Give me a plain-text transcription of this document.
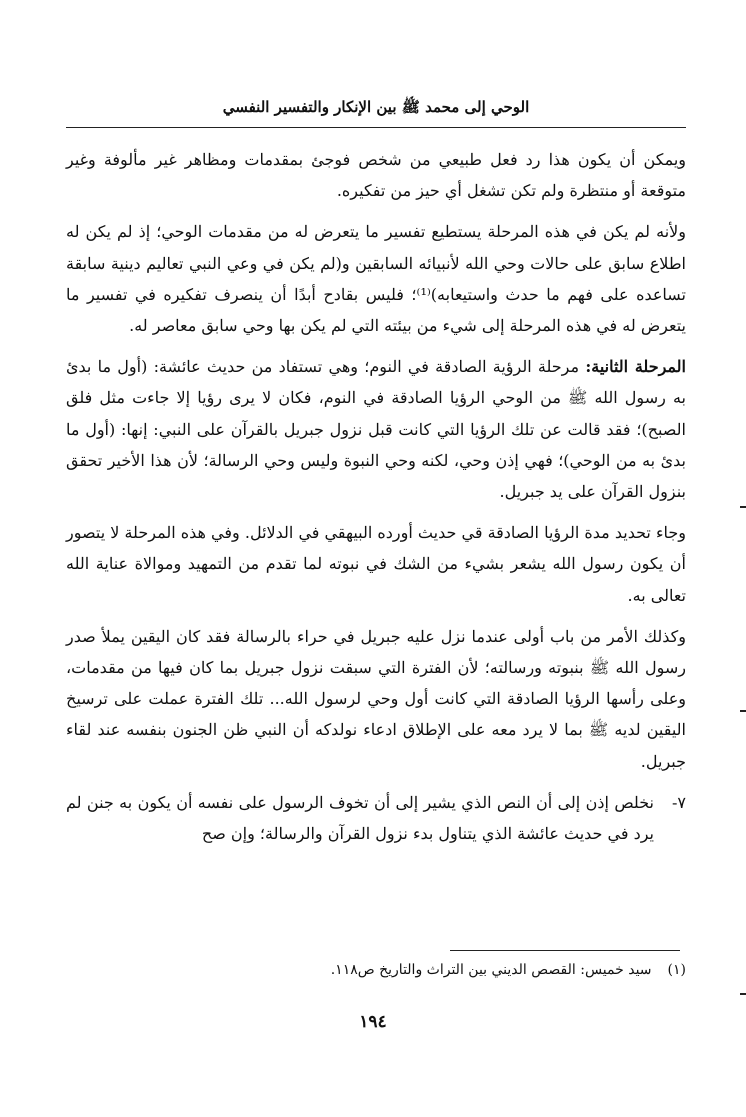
الوحي إلى محمد ﷺ بين الإنكار والتفسير النفسي

ويمكن أن يكون هذا رد فعل طبيعي من شخص فوجئ بمقدمات ومظاهر غير مألوفة وغير متوقعة أو منتظرة ولم تكن تشغل أي حيز من تفكيره.

ولأنه لم يكن في هذه المرحلة يستطيع تفسير ما يتعرض له من مقدمات الوحي؛ إذ لم يكن له اطلاع سابق على حالات وحي الله لأنبيائه السابقين و(لم يكن في وعي النبي تعاليم دينية سابقة تساعده على فهم ما حدث واستيعابه)⁽¹⁾؛ فليس بقادح أبدًا أن ينصرف تفكيره في تفسير ما يتعرض له في هذه المرحلة إلى شيء من بيئته التي لم يكن بها وحي سابق معاصر له.

المرحلة الثانية: مرحلة الرؤية الصادقة في النوم؛ وهي تستفاد من حديث عائشة: (أول ما بدئ به رسول الله ﷺ من الوحي الرؤيا الصادقة في النوم، فكان لا يرى رؤيا إلا جاءت مثل فلق الصبح)؛ فقد قالت عن تلك الرؤيا التي كانت قبل نزول جبريل بالقرآن على النبي: إنها: (أول ما بدئ به من الوحي)؛ فهي إذن وحي، لكنه وحي النبوة وليس وحي الرسالة؛ لأن هذا الأخير تحقق بنزول القرآن على يد جبريل.

وجاء تحديد مدة الرؤيا الصادقة قي حديث أورده البيهقي في الدلائل. وفي هذه المرحلة لا يتصور أن يكون رسول الله يشعر بشيء من الشك في نبوته لما تقدم من التمهيد وموالاة عناية الله تعالى به.

وكذلك الأمر من باب أولى عندما نزل عليه جبريل في حراء بالرسالة فقد كان اليقين يملأ صدر رسول الله ﷺ بنبوته ورسالته؛ لأن الفترة التي سبقت نزول جبريل بما كان فيها من مقدمات، وعلى رأسها الرؤيا الصادقة التي كانت أول وحي لرسول الله... تلك الفترة عملت على ترسيخ اليقين لديه ﷺ بما لا يرد معه على الإطلاق ادعاء نولدكه أن النبي ظن الجنون بنفسه عند لقاء جبريل.

٧-
نخلص إذن إلى أن النص الذي يشير إلى أن تخوف الرسول على نفسه أن يكون به جنن لم يرد في حديث عائشة الذي يتناول بدء نزول القرآن والرسالة؛ وإن صح
(١)سيد خميس: القصص الديني بين التراث والتاريخ ص١١٨.
١٩٤
